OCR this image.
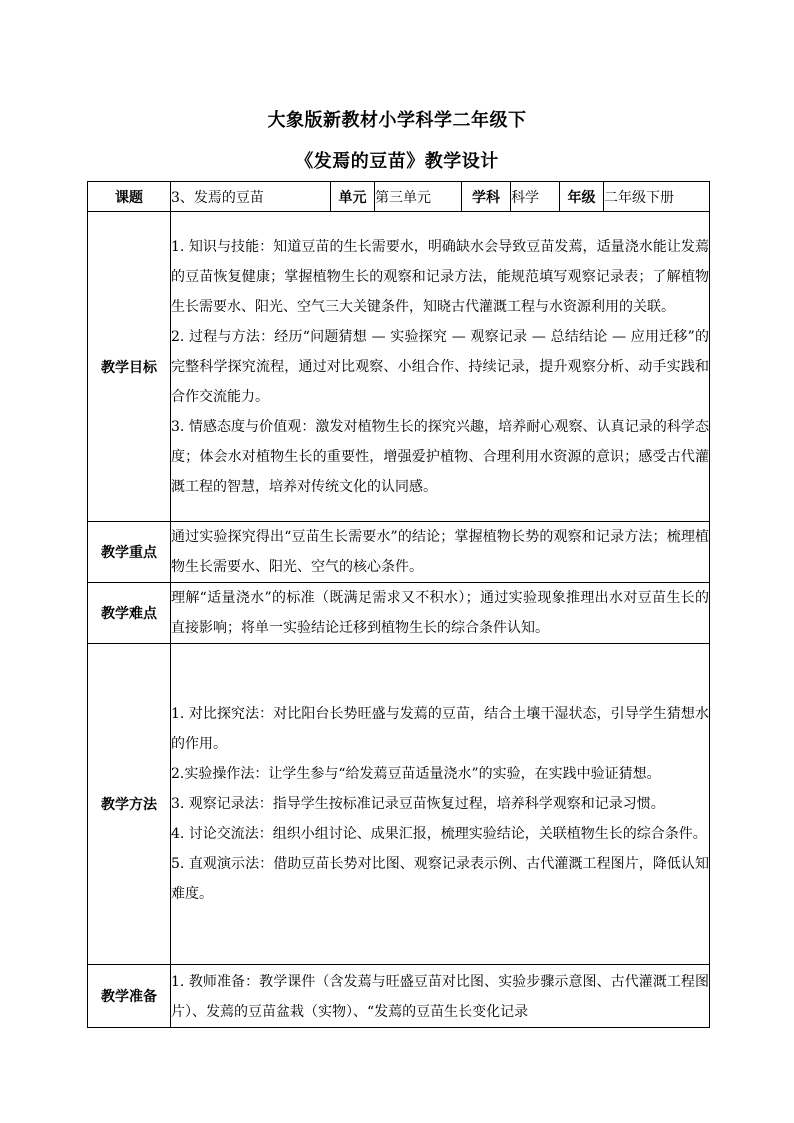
大象版新教材小学科学二年级下
《发焉的豆苗》教学设计
课题	3、发焉的豆苗	单元	第三单元	学科	科学	年级	二年级下册
教学目标	1. 知识与技能：知道豆苗的生长需要水，明确缺水会导致豆苗发蔫，适量浇水能让发蔫的豆苗恢复健康；掌握植物生长的观察和记录方法，能规范填写观察记录表；了解植物生长需要水、阳光、空气三大关键条件，知晓古代灌溉工程与水资源利用的关联。

2. 过程与方法：经历“问题猜想 — 实验探究 — 观察记录 — 总结结论 — 应用迁移”的完整科学探究流程，通过对比观察、小组合作、持续记录，提升观察分析、动手实践和合作交流能力。

3. 情感态度与价值观：激发对植物生长的探究兴趣，培养耐心观察、认真记录的科学态度；体会水对植物生长的重要性，增强爱护植物、合理利用水资源的意识；感受古代灌溉工程的智慧，培养对传统文化的认同感。						

教学重点	通过实验探究得出“豆苗生长需要水”的结论；掌握植物长势的观察和记录方法；梳理植物生长需要水、阳光、空气的核心条件。						

教学难点	理解“适量浇水”的标准（既满足需求又不积水）；通过实验现象推理出水对豆苗生长的直接影响；将单一实验结论迁移到植物生长的综合条件认知。						

教学方法	1. 对比探究法：对比阳台长势旺盛与发蔫的豆苗，结合土壤干湿状态，引导学生猜想水的作用。

2.实验操作法：让学生参与“给发蔫豆苗适量浇水”的实验，在实践中验证猜想。

3. 观察记录法：指导学生按标准记录豆苗恢复过程，培养科学观察和记录习惯。

4. 讨论交流法：组织小组讨论、成果汇报，梳理实验结论，关联植物生长的综合条件。

5. 直观演示法：借助豆苗长势对比图、观察记录表示例、古代灌溉工程图片，降低认知难度。						

教学准备	1. 教师准备：教学课件（含发蔫与旺盛豆苗对比图、实验步骤示意图、古代灌溉工程图片）、发蔫的豆苗盆栽（实物）、“发蔫的豆苗生长变化记录						
